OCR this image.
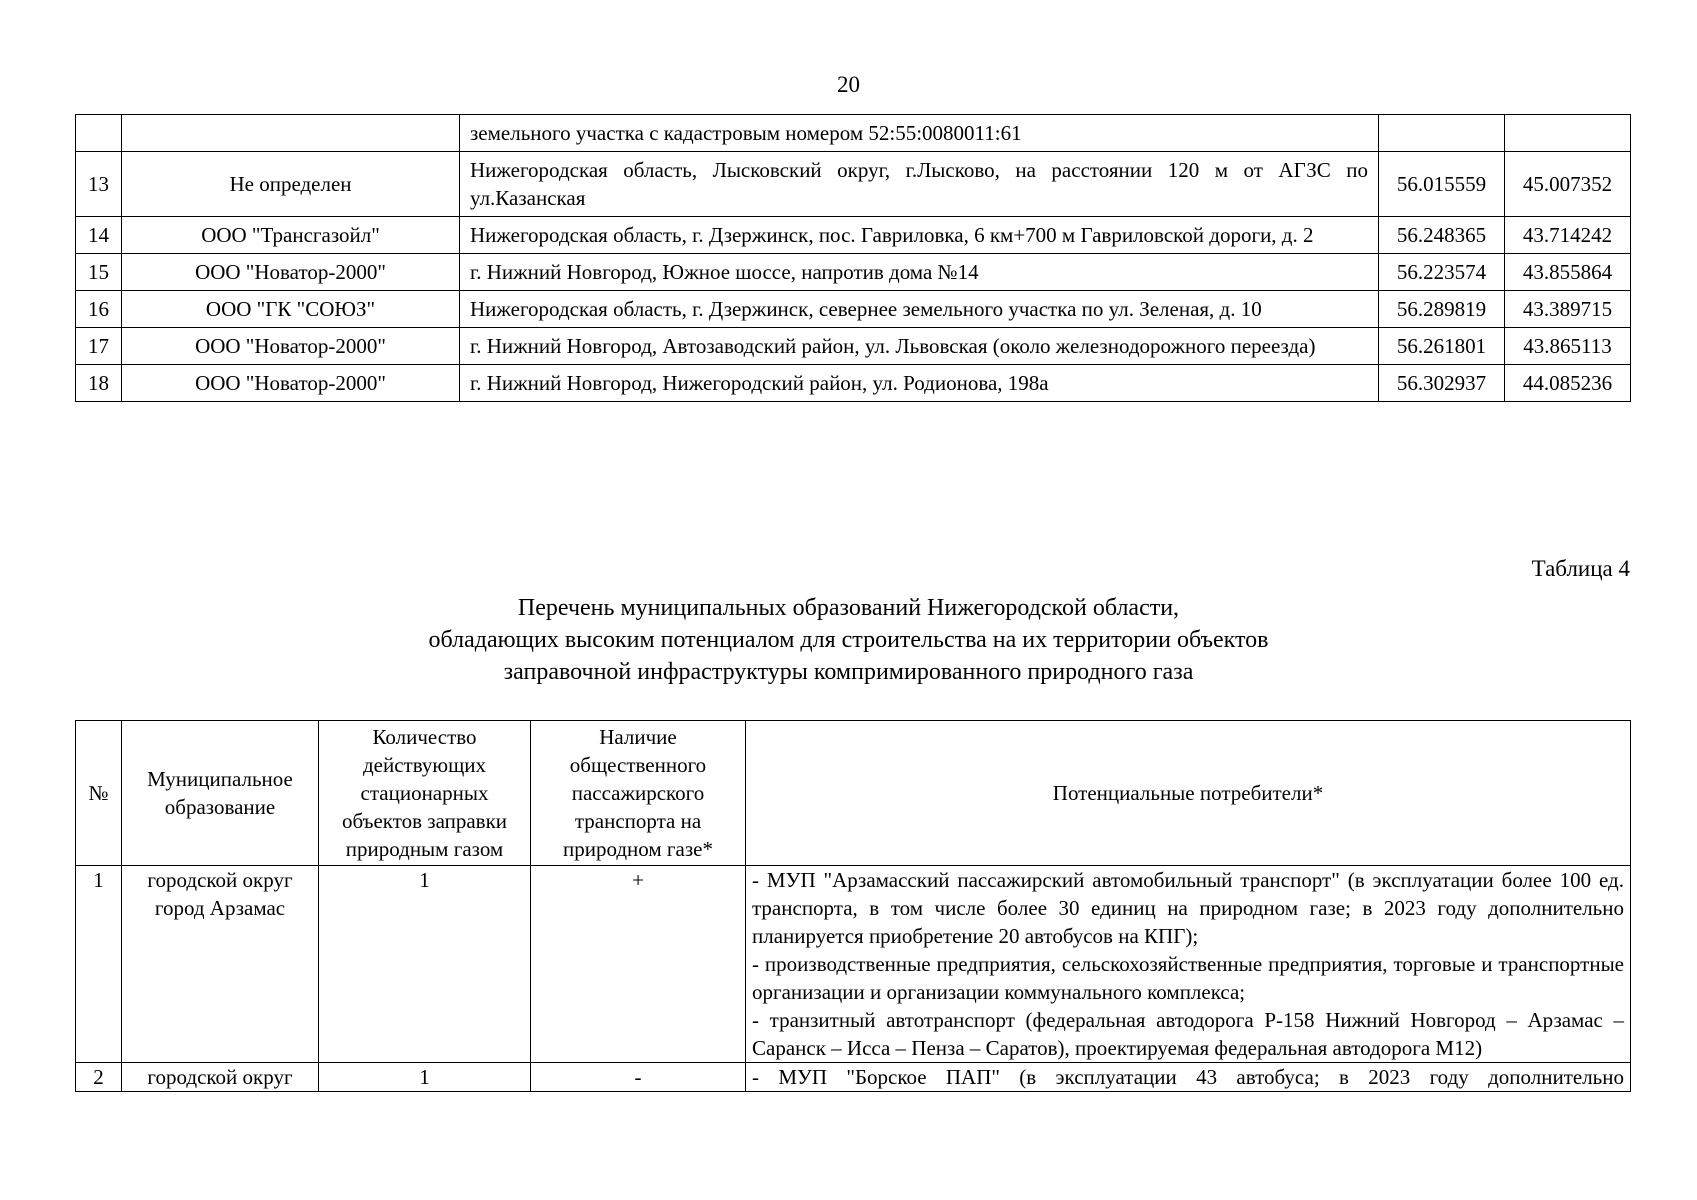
20
		земельного участка с кадастровым номером 52:55:0080011:61		
13	Не определен	Нижегородская область, Лысковский округ, г.Лысково, на расстоянии 120 м от АГЗС по ул.Казанская	56.015559	45.007352
14	ООО "Трансгазойл"	Нижегородская область, г. Дзержинск, пос. Гавриловка, 6 км+700 м Гавриловской дороги, д. 2	56.248365	43.714242
15	ООО "Новатор-2000"	г. Нижний Новгород, Южное шоссе, напротив дома №14	56.223574	43.855864
16	ООО "ГК "СОЮЗ"	Нижегородская область, г. Дзержинск, севернее земельного участка по ул. Зеленая, д. 10	56.289819	43.389715
17	ООО "Новатор-2000"	г. Нижний Новгород, Автозаводский район, ул. Львовская (около железнодорожного переезда)	56.261801	43.865113
18	ООО "Новатор-2000"	г. Нижний Новгород, Нижегородский район, ул. Родионова, 198а	56.302937	44.085236
Таблица 4
Перечень муниципальных образований Нижегородской области,
обладающих высоким потенциалом для строительства на их территории объектов
заправочной инфраструктуры компримированного природного газа
№	Муниципальное образование	Количество действующих стационарных объектов заправки природным газом	Наличие общественного пассажирского транспорта на природном газе*	Потенциальные потребители*
1	городской округ город Арзамас	1	+	- МУП "Арзамасский пассажирский автомобильный транспорт" (в эксплуатации более 100 ед. транспорта, в том числе более 30 единиц на природном газе; в 2023 году дополнительно планируется приобретение 20 автобусов на КПГ);
- производственные предприятия, сельскохозяйственные предприятия, торговые и транспортные организации и организации коммунального комплекса;
- транзитный автотранспорт (федеральная автодорога Р-158 Нижний Новгород – Арзамас – Саранск – Исса – Пенза – Саратов), проектируемая федеральная автодорога М12)

2	городской округ	1	-	- МУП "Борское ПАП" (в эксплуатации 43 автобуса; в 2023 году дополнительно
